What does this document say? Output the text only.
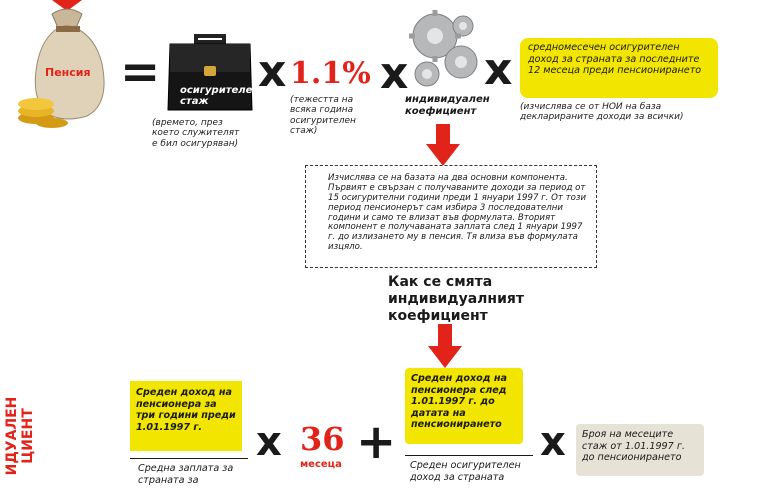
Пенсия = осигурителен стаж
(времето, през което служителят е бил осигуряван)
x 1.1%
(тежестта на всяка година осигурителен стаж)
x
индивидуален коефициент
x	средномесечен осигурителен доход за страната за последните 12 месеца преди пенсионирането
(изчислява се от НОИ на база декларираните доходи за всички)
Изчислява се на базата на два основни компонента. Първият е свързан с получаваните доходи за период от 15 осигурителни години преди 1 януари 1997 г. От този период пенсионерът сам избира 3 последователни години и само те влизат във формулата. Вторият компонент е получаваната заплата след 1 януари 1997 г. до излизането му в пенсия. Тя влиза във формулата изцяло.
Как се смята индивидуалният коефициент
ИДУАЛЕН ЦИЕНТ
Среден доход на пенсионера за три години преди 1.01.1997 г.
Средна заплата за страната за
x 36
месеца +
Среден доход на пенсионера след 1.01.1997 г. до датата на пенсионирането
Среден осигурителен доход за страната
x	Броя на месеците стаж от 1.01.1997 г. до пенсионирането
